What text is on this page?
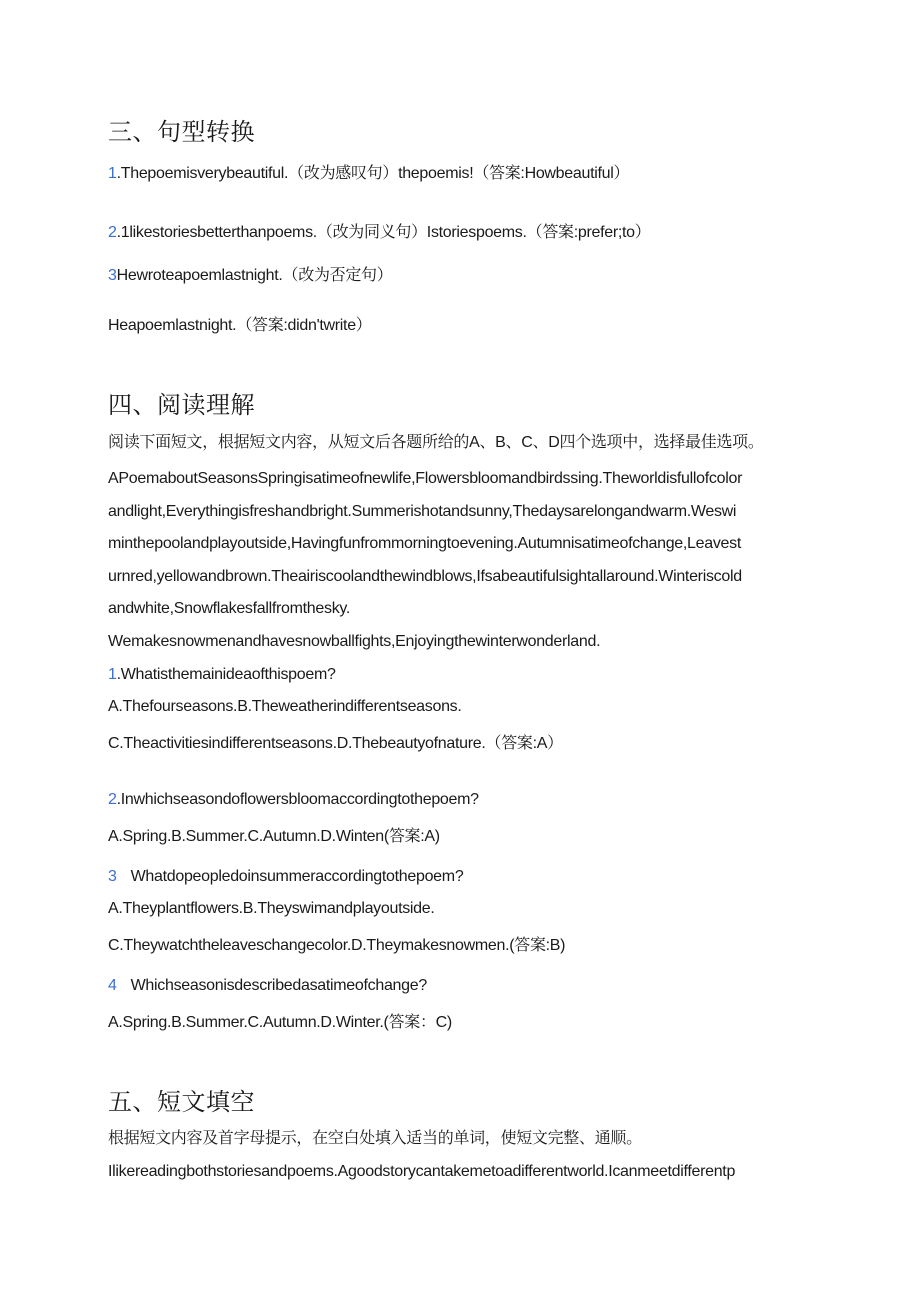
三、句型转换
1.Thepoemisverybeautiful.（改为感叹句）thepoemis!（答案:Howbeautiful）
2.1likestoriesbetterthanpoems.（改为同义句）Istoriespoems.（答案:prefer;to）
3Hewroteapoemlastnight.（改为否定句）
Heapoemlastnight.（答案:didn'twrite）
四、阅读理解
阅读下面短文，根据短文内容，从短文后各题所给的A、B、C、D四个选项中，选择最佳选项。
APoemaboutSeasonsSpringisatimeofnewlife,Flowersbloomandbirdssing.Theworldisfullofcolor
andlight,Everythingisfreshandbright.Summerishotandsunny,Thedaysarelongandwarm.Weswi
minthepoolandplayoutside,Havingfunfrommorningtoevening.Autumnisatimeofchange,Leavest
urnred,yellowandbrown.Theairiscoolandthewindblows,Ifsabeautifulsightallaround.Winteriscold
andwhite,Snowflakesfallfromthesky.
Wemakesnowmenandhavesnowballfights,Enjoyingthewinterwonderland.
1.Whatisthemainideaofthispoem?
A.Thefourseasons.B.Theweatherindifferentseasons.
C.Theactivitiesindifferentseasons.D.Thebeautyofnature.（答案:A）
2.Inwhichseasondoflowersbloomaccordingtothepoem?
A.Spring.B.Summer.C.Autumn.D.Winten(答案:A)
3 Whatdopeopledoinsummeraccordingtothepoem?
A.Theyplantflowers.B.Theyswimandplayoutside.
C.Theywatchtheleaveschangecolor.D.Theymakesnowmen.(答案:B)
4 Whichseasonisdescribedasatimeofchange?
A.Spring.B.Summer.C.Autumn.D.Winter.(答案：C)
五、短文填空
根据短文内容及首字母提示，在空白处填入适当的单词，使短文完整、通顺。
Ilikereadingbothstoriesandpoems.Agoodstorycantakemetoadifferentworld.Icanmeetdifferentp
